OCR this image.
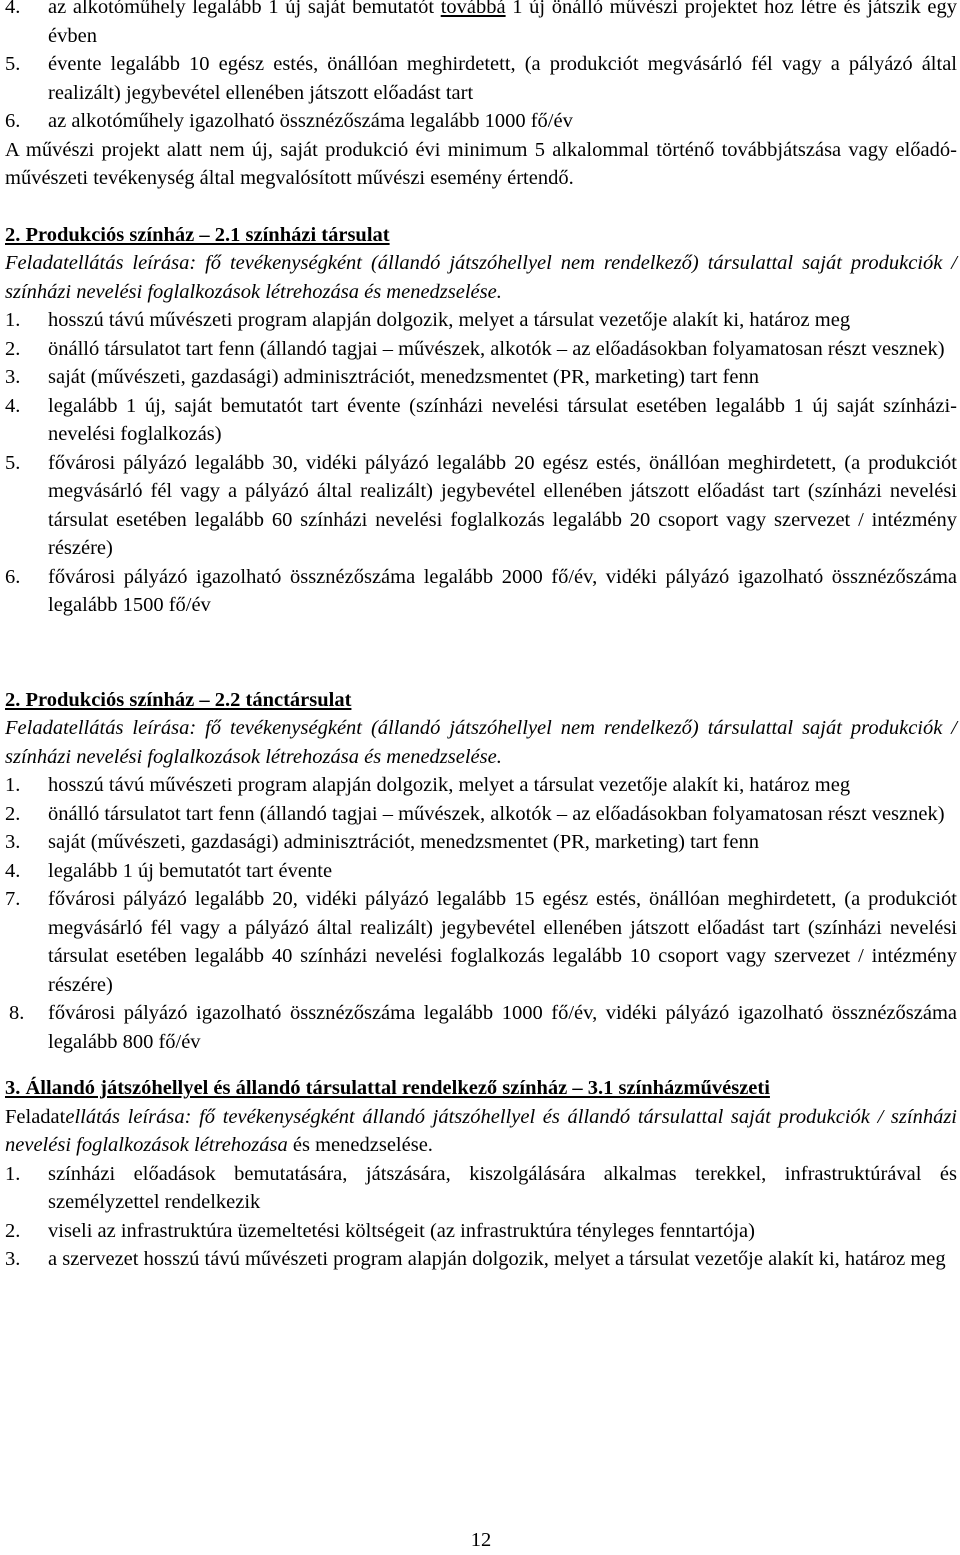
4. az alkotóműhely legalább 1 új saját bemutatót továbbá 1 új önálló művészi projektet hoz létre és játszik egy évben
5. évente legalább 10 egész estés, önállóan meghirdetett, (a produkciót megvásárló fél vagy a pályázó által realizált) jegybevétel ellenében játszott előadást tart
6. az alkotóműhely igazolható össznézőszáma legalább 1000 fő/év
A művészi projekt alatt nem új, saját produkció évi minimum 5 alkalommal történő továbbjátszása vagy előadó-művészeti tevékenység által megvalósított művészi esemény értendő.
2. Produkciós színház – 2.1 színházi társulat
Feladatellátás leírása: fő tevékenységként (állandó játszóhellyel nem rendelkező) társulattal saját produkciók / színházi nevelési foglalkozások létrehozása és menedzselése.
1. hosszú távú művészeti program alapján dolgozik, melyet a társulat vezetője alakít ki, határoz meg
2. önálló társulatot tart fenn (állandó tagjai – művészek, alkotók – az előadásokban folyamatosan részt vesznek)
3. saját (művészeti, gazdasági) adminisztrációt, menedzsmentet (PR, marketing) tart fenn
4. legalább 1 új, saját bemutatót tart évente (színházi nevelési társulat esetében legalább 1 új saját színházi-nevelési foglalkozás)
5. fővárosi pályázó legalább 30, vidéki pályázó legalább 20 egész estés, önállóan meghirdetett, (a produkciót megvásárló fél vagy a pályázó által realizált) jegybevétel ellenében játszott előadást tart (színházi nevelési társulat esetében legalább 60 színházi nevelési foglalkozás legalább 20 csoport vagy szervezet / intézmény részére)
6. fővárosi pályázó igazolható össznézőszáma legalább 2000 fő/év, vidéki pályázó igazolható össznézőszáma legalább 1500 fő/év
2. Produkciós színház – 2.2 tánctársulat
Feladatellátás leírása: fő tevékenységként (állandó játszóhellyel nem rendelkező) társulattal saját produkciók / színházi nevelési foglalkozások létrehozása és menedzselése.
1. hosszú távú művészeti program alapján dolgozik, melyet a társulat vezetője alakít ki, határoz meg
2. önálló társulatot tart fenn (állandó tagjai – művészek, alkotók – az előadásokban folyamatosan részt vesznek)
3. saját (művészeti, gazdasági) adminisztrációt, menedzsmentet (PR, marketing) tart fenn
4. legalább 1 új bemutatót tart évente
7. fővárosi pályázó legalább 20, vidéki pályázó legalább 15 egész estés, önállóan meghirdetett, (a produkciót megvásárló fél vagy a pályázó által realizált) jegybevétel ellenében játszott előadást tart (színházi nevelési társulat esetében legalább 40 színházi nevelési foglalkozás legalább 10 csoport vagy szervezet / intézmény részére)
8. fővárosi pályázó igazolható össznézőszáma legalább 1000 fő/év, vidéki pályázó igazolható össznézőszáma legalább 800 fő/év
3. Állandó játszóhellyel és állandó társulattal rendelkező színház – 3.1 színházművészeti
Feladatellátás leírása: fő tevékenységként állandó játszóhellyel és állandó társulattal saját produkciók / színházi nevelési foglalkozások létrehozása és menedzselése.
1. színházi előadások bemutatására, játszására, kiszolgálására alkalmas terekkel, infrastruktúrával és személyzettel rendelkezik
2. viseli az infrastruktúra üzemeltetési költségeit (az infrastruktúra tényleges fenntartója)
3. a szervezet hosszú távú művészeti program alapján dolgozik, melyet a társulat vezetője alakít ki, határoz meg
12
